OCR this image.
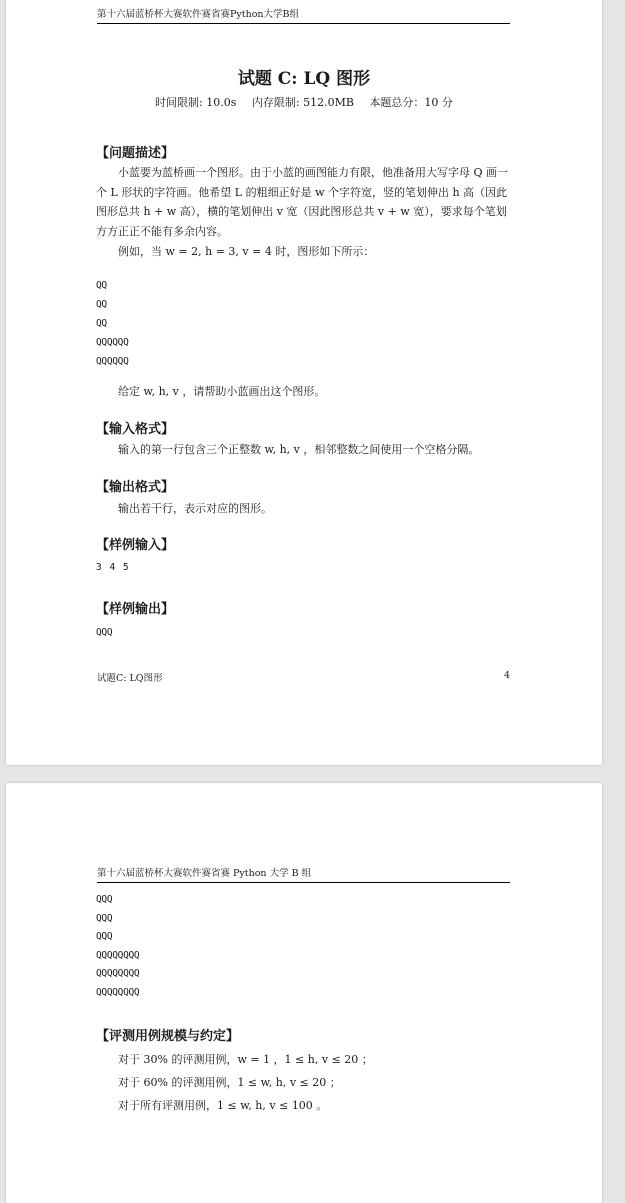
第十六届蓝桥杯大赛软件赛省赛Python大学B组
试题 C: LQ 图形
时间限制: 10.0s 内存限制: 512.0MB 本题总分：10 分
【问题描述】
小蓝要为蓝桥画一个图形。由于小蓝的画图能力有限，他准备用大写字母 Q 画一个 L 形状的字符画。他希望 L 的粗细正好是 w 个字符宽，竖的笔划伸出 h 高（因此图形总共 h + w 高），横的笔划伸出 v 宽（因此图形总共 v + w 宽），要求每个笔划方方正正不能有多余内容。
例如，当 w = 2, h = 3, v = 4 时，图形如下所示：
QQ
QQ
QQ
QQQQQQ
QQQQQQ
给定 w, h, v ，请帮助小蓝画出这个图形。
【输入格式】
输入的第一行包含三个正整数 w, h, v ，相邻整数之间使用一个空格分隔。
【输出格式】
输出若干行，表示对应的图形。
【样例输入】
3 4 5
【样例输出】
QQQ
试题C: LQ图形	4
第十六届蓝桥杯大赛软件赛省赛 Python 大学 B 组
QQQ
QQQ
QQQ
QQQQQQQQ
QQQQQQQQ
QQQQQQQQ
【评测用例规模与约定】
对于 30% 的评测用例，w = 1 ，1 ≤ h, v ≤ 20 ；
对于 60% 的评测用例，1 ≤ w, h, v ≤ 20 ；
对于所有评测用例，1 ≤ w, h, v ≤ 100 。
